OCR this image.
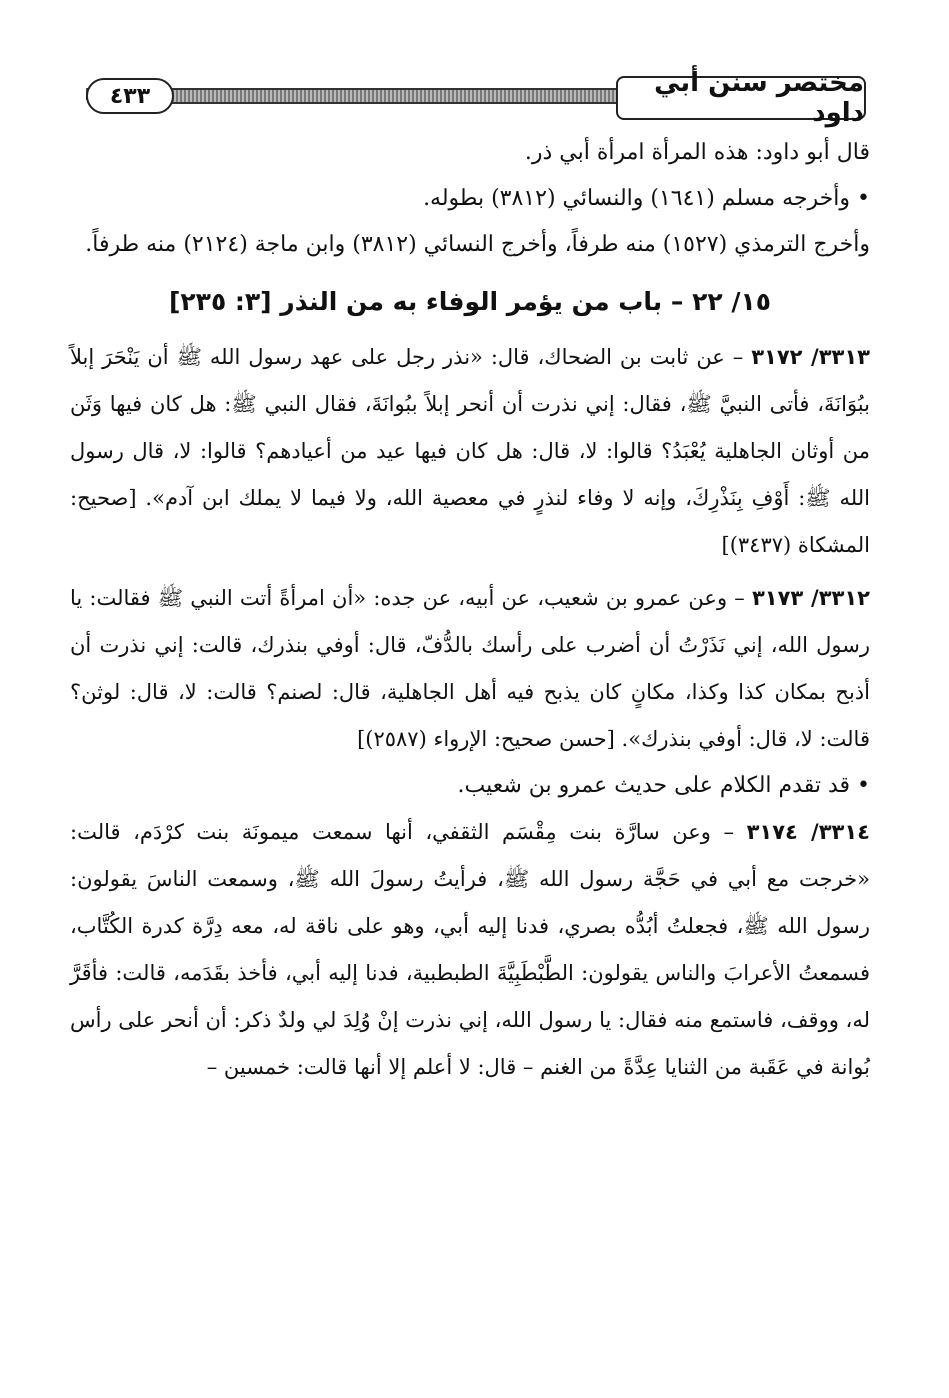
مختصر سنن أبي داود
٤٣٣

قال أبو داود: هذه المرأة امرأة أبي ذر.

• وأخرجه مسلم (١٦٤١) والنسائي (٣٨١٢) بطوله.

وأخرج الترمذي (١٥٢٧) منه طرفاً، وأخرج النسائي (٣٨١٢) وابن ماجة (٢١٢٤) منه طرفاً.

١٥/ ٢٢ – باب من يؤمر الوفاء به من النذر [٣: ٢٣٥]

٣٣١٣/ ٣١٧٢ – عن ثابت بن الضحاك، قال: «نذر رجل على عهد رسول الله ﷺ أن يَنْحَرَ إبلاً ببُوَانَةَ، فأتى النبيَّ ﷺ، فقال: إني نذرت أن أنحر إبلاً ببُوانَةَ، فقال النبي ﷺ: هل كان فيها وَثَن من أوثان الجاهلية يُعْبَدُ؟ قالوا: لا، قال: هل كان فيها عيد من أعيادهم؟ قالوا: لا، قال رسول الله ﷺ: أَوْفِ بِنَذْرِكَ، وإنه لا وفاء لنذرٍ في معصية الله، ولا فيما لا يملك ابن آدم». [صحيح: المشكاة (٣٤٣٧)]

٣٣١٢/ ٣١٧٣ – وعن عمرو بن شعيب، عن أبيه، عن جده: «أن امرأةً أتت النبي ﷺ فقالت: يا رسول الله، إني نَذَرْتُ أن أضرب على رأسك بالدُّفّ، قال: أوفي بنذرك، قالت: إني نذرت أن أذبح بمكان كذا وكذا، مكانٍ كان يذبح فيه أهل الجاهلية، قال: لصنم؟ قالت: لا، قال: لوثن؟ قالت: لا، قال: أوفي بنذرك». [حسن صحيح: الإرواء (٢٥٨٧)]

• قد تقدم الكلام على حديث عمرو بن شعيب.

٣٣١٤/ ٣١٧٤ – وعن سارَّة بنت مِقْسَم الثقفي، أنها سمعت ميمونَة بنت كرْدَم، قالت: «خرجت مع أبي في حَجَّة رسول الله ﷺ، فرأيتُ رسولَ الله ﷺ، وسمعت الناسَ يقولون: رسول الله ﷺ، فجعلتُ أبُدُّه بصري، فدنا إليه أبي، وهو على ناقة له، معه دِرَّة كدرة الكُتَّاب، فسمعتُ الأعرابَ والناس يقولون: الطَّبْطَبِيَّةَ الطبطبية، فدنا إليه أبي، فأخذ بقَدَمه، قالت: فأقَرَّ له، ووقف، فاستمع منه فقال: يا رسول الله، إني نذرت إنْ وُلِدَ لي ولدٌ ذكر: أن أنحر على رأس بُوانة في عَقَبة من الثنايا عِدَّةً من الغنم – قال: لا أعلم إلا أنها قالت: خمسين –
